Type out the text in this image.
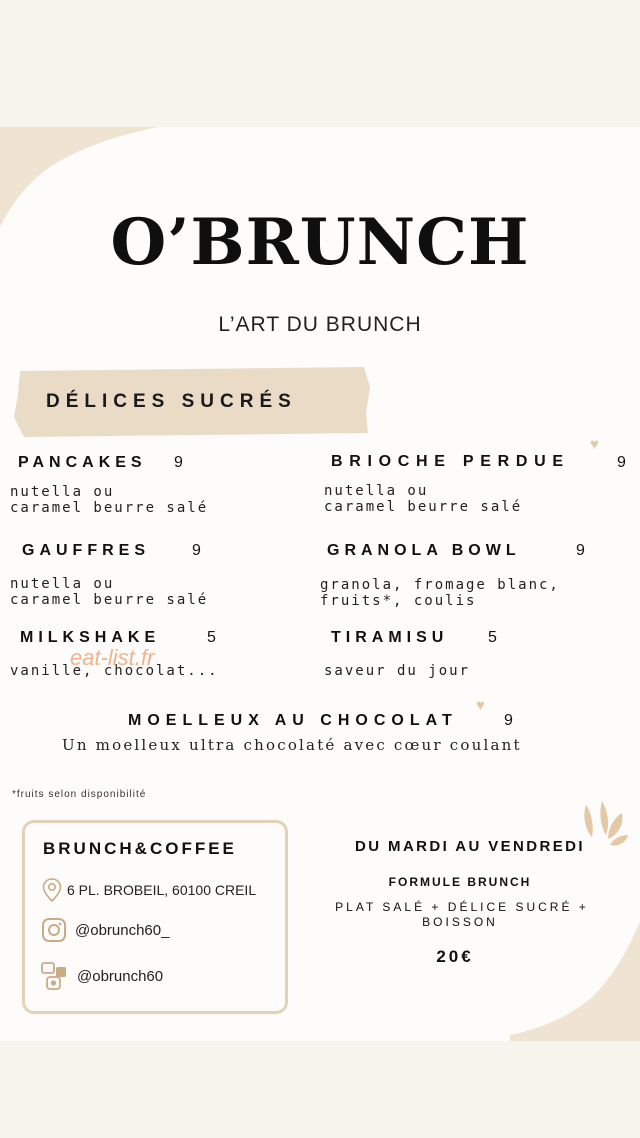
O’BRUNCH
L’ART DU BRUNCH
DÉLICES SUCRÉS
PANCAKES 9
nutella ou
caramel beurre salé
BRIOCHE PERDUE
♥
9
nutella ou
caramel beurre salé
GAUFFRES	9
nutella ou
caramel beurre salé
GRANOLA BOWL	9
granola, fromage blanc,
fruits*, coulis
MILKSHAKE	5
vanille, chocolat...
TIRAMISU 5
saveur du jour
eat-list.fr
MOELLEUX AU CHOCOLAT
♥
9
Un moelleux ultra chocolaté avec cœur coulant
*fruits selon disponibilité
BRUNCH&COFFEE
6 PL. BROBEIL, 60100 CREIL
@obrunch60_
@obrunch60
DU MARDI AU VENDREDI
FORMULE BRUNCH
PLAT SALÉ + DÉLICE SUCRÉ +
BOISSON
20€
